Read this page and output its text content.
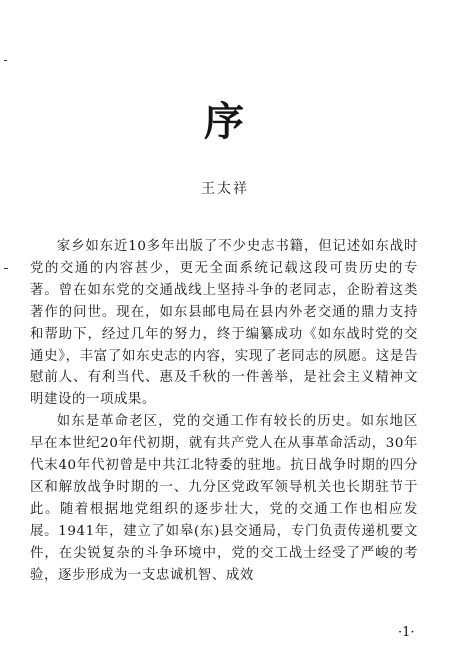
序
王太祥

家乡如东近10多年出版了不少史志书籍，但记述如东战时党的交通的内容甚少，更无全面系统记载这段可贵历史的专著。曾在如东党的交通战线上坚持斗争的老同志，企盼着这类著作的问世。现在，如东县邮电局在县内外老交通的鼎力支持和帮助下，经过几年的努力，终于编纂成功《如东战时党的交通史》，丰富了如东史志的内容，实现了老同志的夙愿。这是告慰前人、有利当代、惠及千秋的一件善举，是社会主义精神文明建设的一项成果。

如东是革命老区，党的交通工作有较长的历史。如东地区早在本世纪20年代初期，就有共产党人在从事革命活动，30年代末40年代初曾是中共江北特委的驻地。抗日战争时期的四分区和解放战争时期的一、九分区党政军领导机关也长期驻节于此。随着根据地党组织的逐步壮大，党的交通工作也相应发展。1941年，建立了如皋(东)县交通局，专门负责传递机要文件，在尖锐复杂的斗争环境中，党的交工战士经受了严峻的考验，逐步形成为一支忠诚机智、成效

·1·
